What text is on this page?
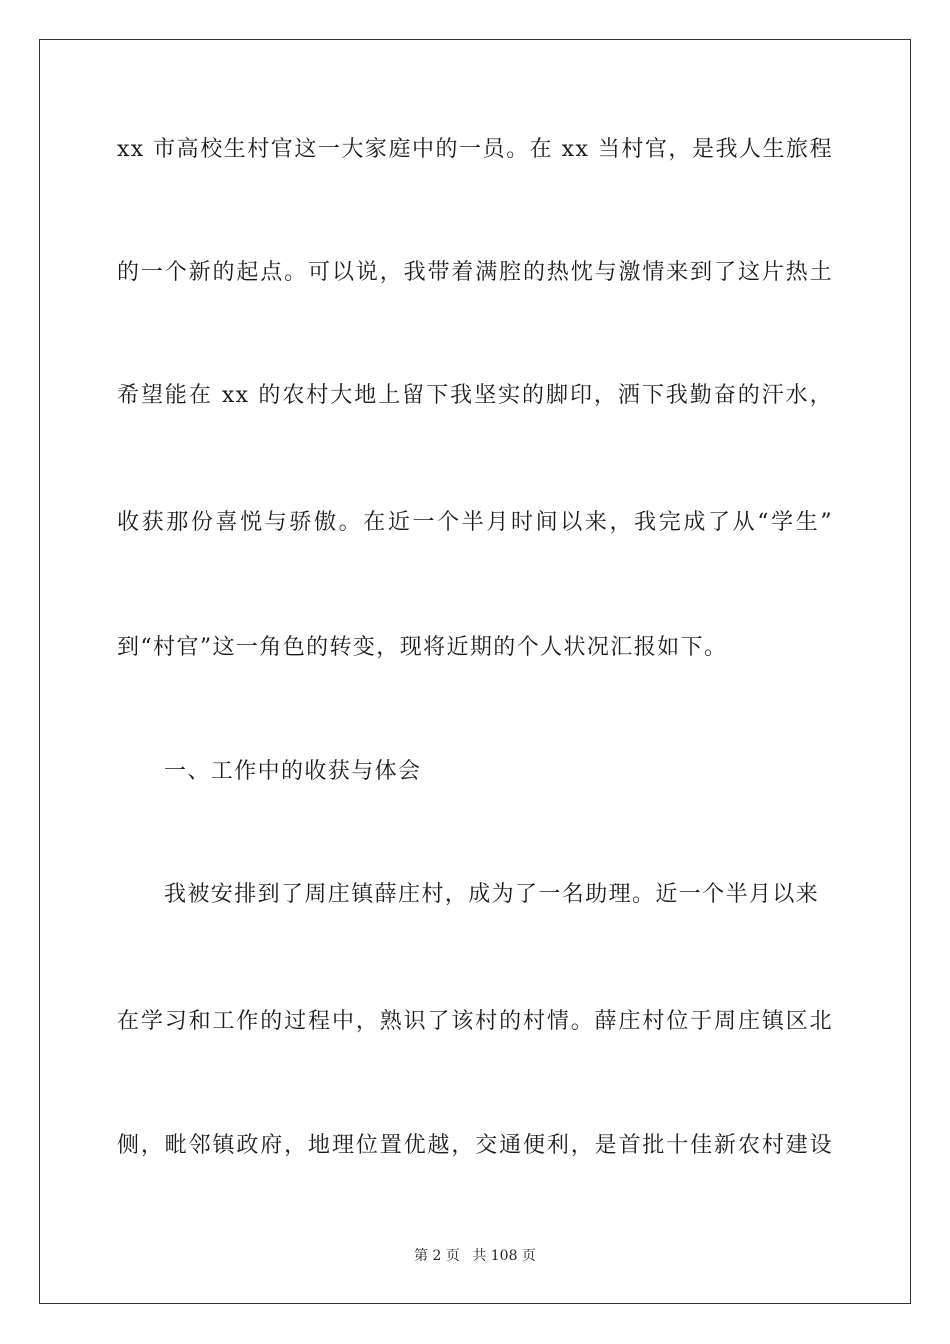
xx 市高校生村官这一大家庭中的一员。在 xx 当村官，是我人生旅程
的一个新的起点。可以说，我带着满腔的热忱与激情来到了这片热土
希望能在 xx 的农村大地上留下我坚实的脚印，洒下我勤奋的汗水，
收获那份喜悦与骄傲。在近一个半月时间以来，我完成了从“学生”
到“村官”这一角色的转变，现将近期的个人状况汇报如下。
一、工作中的收获与体会
我被安排到了周庄镇薛庄村，成为了一名助理。近一个半月以来
在学习和工作的过程中，熟识了该村的村情。薛庄村位于周庄镇区北
侧，毗邻镇政府，地理位置优越，交通便利，是首批十佳新农村建设
第 2 页 共 108 页
